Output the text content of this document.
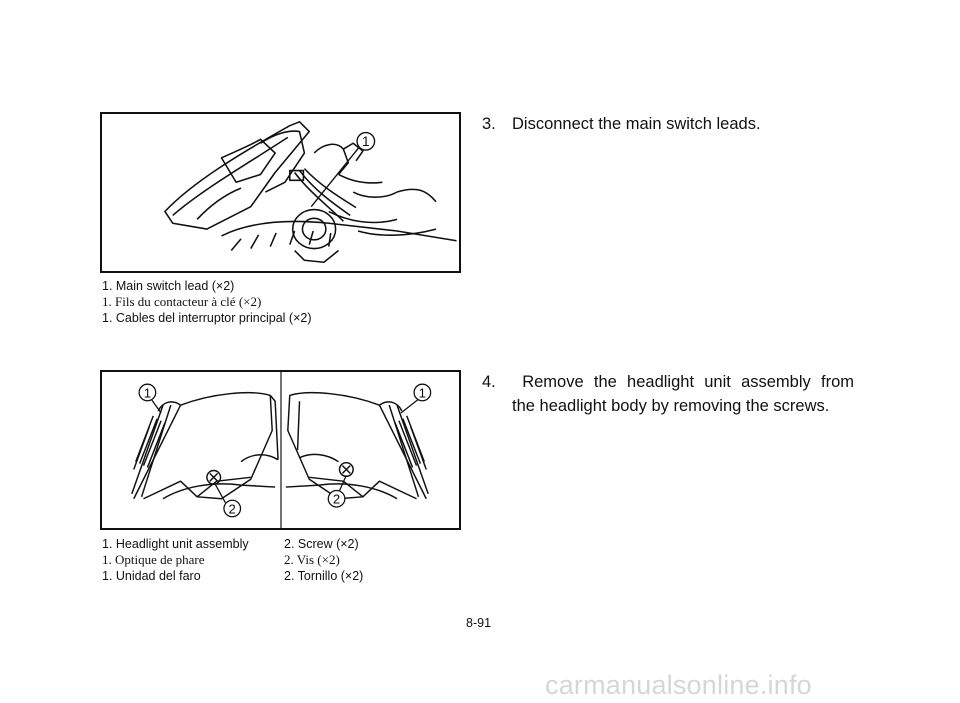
1
1. Main switch lead (×2)
1. Fils du contacteur à clé (×2)
1. Cables del interruptor principal (×2)
1	1
2
2
1. Headlight unit assembly
1. Optique de phare
1. Unidad del faro
2. Screw (×2)
2. Vis (×2)
2. Tornillo (×2)
3. Disconnect the main switch leads.
4.	Remove the headlight unit assembly from
the headlight body by removing the screws.
8-91
carmanualsonline.info
